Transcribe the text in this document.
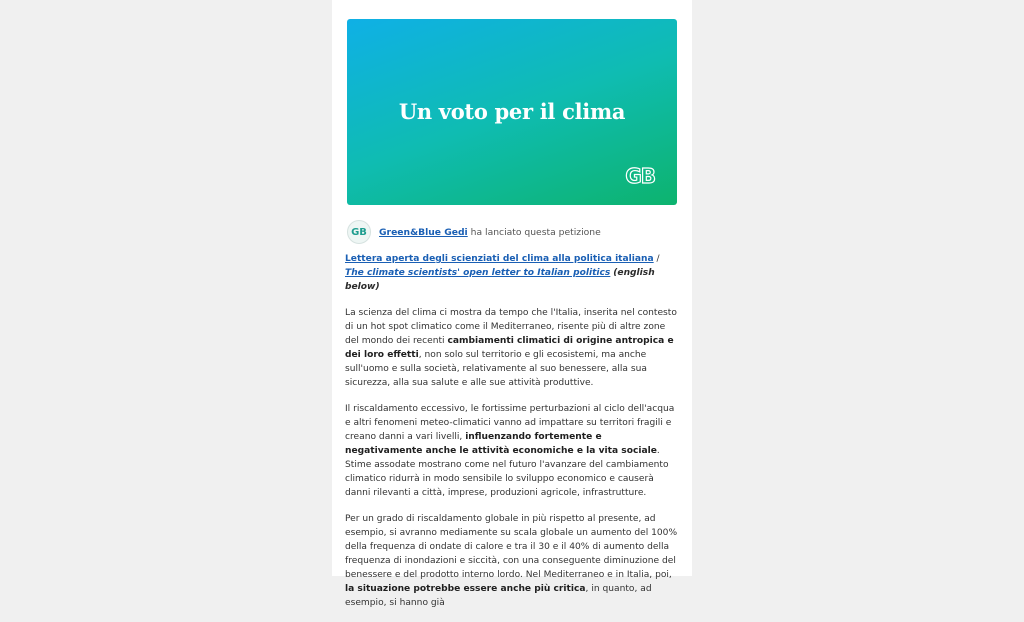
Un voto per il clima
GB
GB	Green&Blue Gedi ha lanciato questa petizione

Lettera aperta degli scienziati del clima alla politica italiana / The climate scientists' open letter to Italian politics (english below)

La scienza del clima ci mostra da tempo che l'Italia, inserita nel contesto di un hot spot climatico come il Mediterraneo, risente più di altre zone del mondo dei recenti cambiamenti climatici di origine antropica e dei loro effetti, non solo sul territorio e gli ecosistemi, ma anche sull'uomo e sulla società, relativamente al suo benessere, alla sua sicurezza, alla sua salute e alle sue attività produttive.

Il riscaldamento eccessivo, le fortissime perturbazioni al ciclo dell'acqua e altri fenomeni meteo-climatici vanno ad impattare su territori fragili e creano danni a vari livelli, influenzando fortemente e negativamente anche le attività economiche e la vita sociale. Stime assodate mostrano come nel futuro l'avanzare del cambiamento climatico ridurrà in modo sensibile lo sviluppo economico e causerà danni rilevanti a città, imprese, produzioni agricole, infrastrutture.

Per un grado di riscaldamento globale in più rispetto al presente, ad esempio, si avranno mediamente su scala globale un aumento del 100% della frequenza di ondate di calore e tra il 30 e il 40% di aumento della frequenza di inondazioni e siccità, con una conseguente diminuzione del benessere e del prodotto interno lordo. Nel Mediterraneo e in Italia, poi, la situazione potrebbe essere anche più critica, in quanto, ad esempio, si hanno già
